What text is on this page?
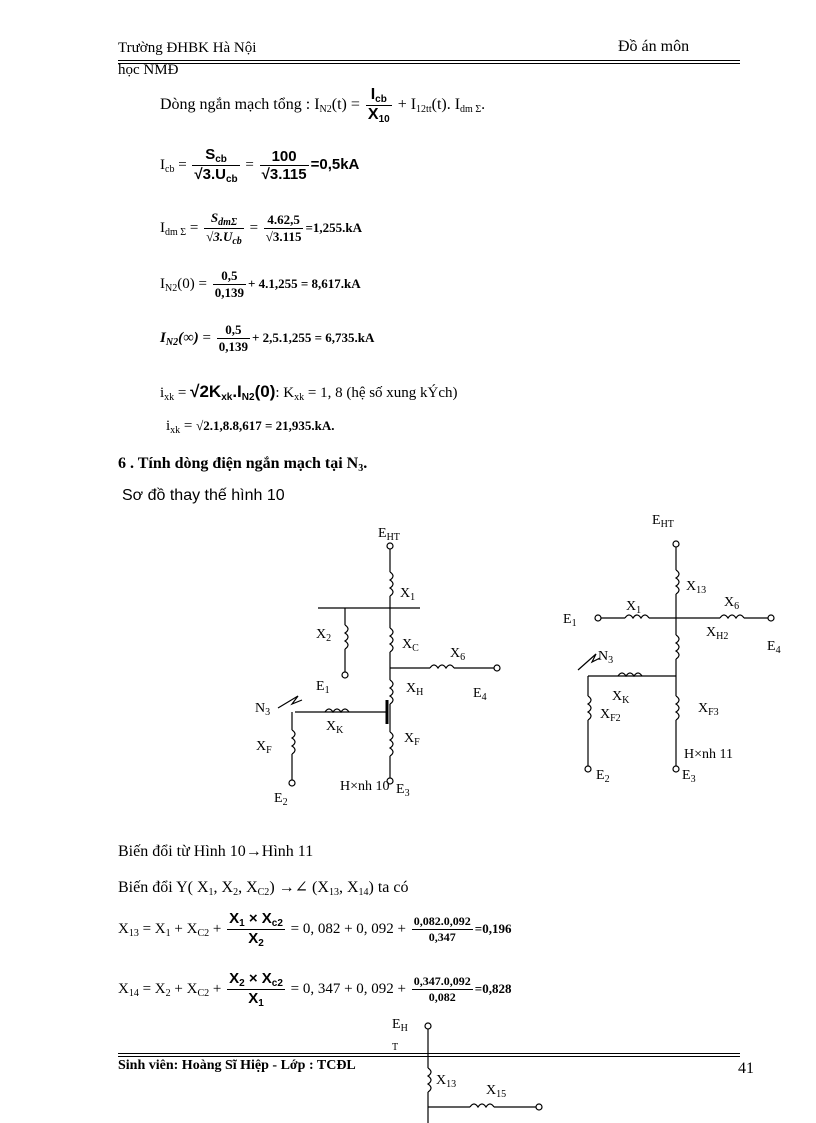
Trường ĐHBK Hà Nội	Đồ án môn
học NMĐ
Dòng ngắn mạch tổng : $I_{N2}(t) = \frac{I_{cb}}{X_{10}} + I_{12tt}(t)$. $I_{dm \Sigma}$.
$I_{cb} = \frac{S_{cb}}{√3.U_{cb}} = \frac{100}{√3.115} =0,5kA$
$I_{dm \Sigma} = \frac{S_{dm\Sigma}}{√3.U_{cb}} = \frac{4.62,5}{√3.115} =1,255.kA$
$I_{N2}(0) = \frac{0,5}{0,139} + 4.1,255 = 8,617.kA$
$I_{N2}(\infty) = \frac{0,5}{0,139} + 2,5.1,255 = 6,735.kA$
$i_{xk} = √2K_{xk}.I_{N2}(0)$: $K_{xk} = 1$, 8 (hệ số xung kÝch)
$i_{xk} = √2.1,8.8,617 = 21,935.kA$.
6 . Tính dòng điện ngắn mạch tại $N_3$.
Sơ đồ thay thế hình 10
$E_{HT}$
$X_1$
$X_2$	$X_C$ $X_6$
$E_1$	$X_H$	$E_4$
$N_3$
$X_K$
$X_F$
$X_F$
H×nh 10 $E_3$
$E_2$
$E_{HT}$
$X_{13}$
$X_1$
$X_6$
$E_1$
$X_{H2}$
$E_4$
$N_3$
$X_K$
$X_{F2}$
$X_{F3}$
H×nh 11
$E_2$	$E_3$
$E_H$
T
$X_{13}$ $X_{15}$
Biến đổi từ Hình 10→Hình 11
Biến đổi Y( $X_1$, $X_2$, $X_{C2}$) →∠ ($X_{13}$, $X_{14}$) ta có
$X_{13} = X_1 + X_{C2} + \frac{X_1 \times X_{c2}}{X_2} = 0$, 082 + 0, $092 + \frac{0,082.0,092}{0,347} =0,196$
$X_{14} = X_2 + X_{C2} + \frac{X_2 \times X_{c2}}{X_1} = 0$, 347 + 0, $092 + \frac{0,347.0,092}{0,082} =0,828$
Sinh viên: Hoàng Sĩ Hiệp - Lớp : TCĐL	41
